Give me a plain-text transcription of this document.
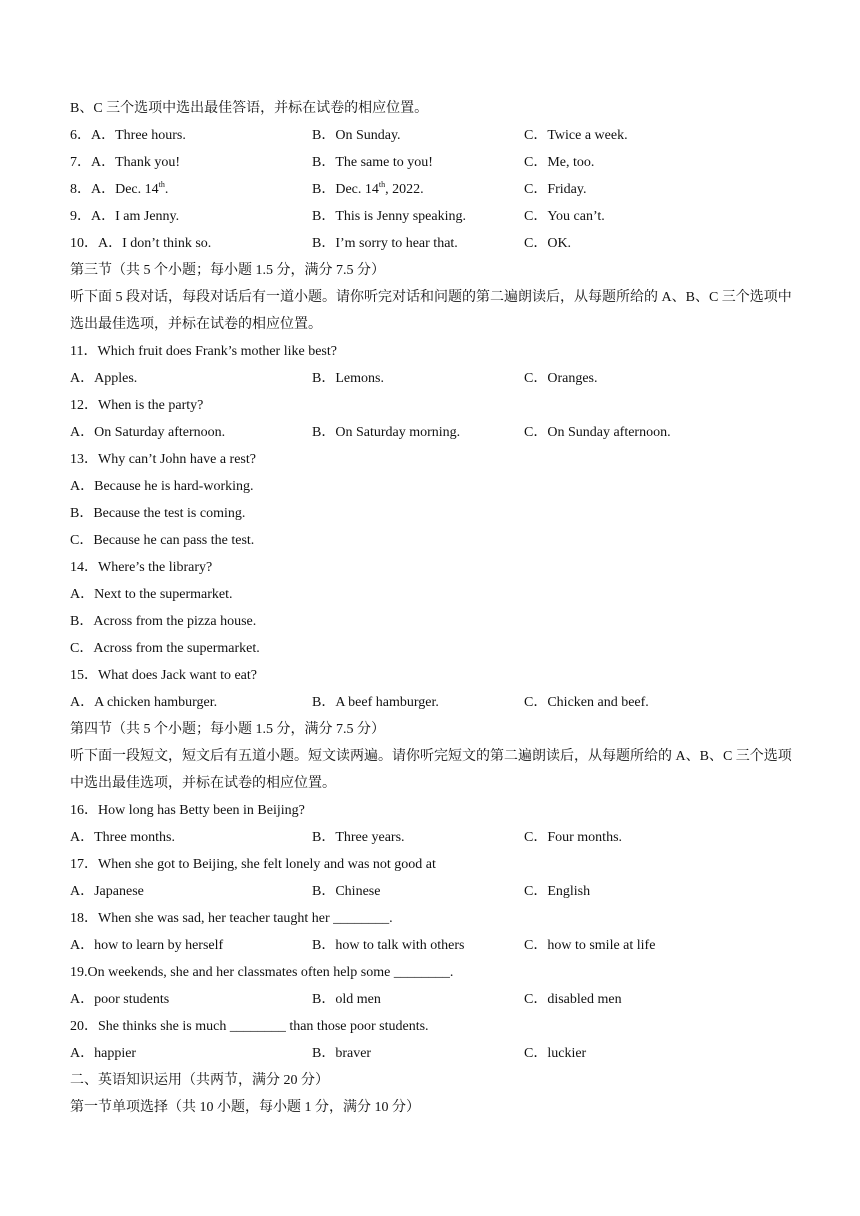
B、C 三个选项中选出最佳答语，并标在试卷的相应位置。
6．A．Three hours.	B．On Sunday.	C．Twice a week.
7．A．Thank you!	B．The same to you!	C．Me, too.
8．A．Dec. 14th.	B．Dec. 14th, 2022.	C．Friday.
9．A．I am Jenny.	B．This is Jenny speaking.	C．You can’t.
10．A．I don’t think so.	B．I’m sorry to hear that.	C．OK.
第三节（共 5 个小题；每小题 1.5 分，满分 7.5 分）
听下面 5 段对话，每段对话后有一道小题。请你听完对话和问题的第二遍朗读后，从每题所给的 A、B、C 三个选项中选出最佳选项，并标在试卷的相应位置。
11．Which fruit does Frank’s mother like best?
A．Apples.	B．Lemons.	C．Oranges.
12．When is the party?
A．On Saturday afternoon.	B．On Saturday morning.	C．On Sunday afternoon.
13．Why can’t John have a rest?
A．Because he is hard-working.
B．Because the test is coming.
C．Because he can pass the test.
14．Where’s the library?
A．Next to the supermarket.
B．Across from the pizza house.
C．Across from the supermarket.
15．What does Jack want to eat?
A．A chicken hamburger.	B．A beef hamburger.	C．Chicken and beef.
第四节（共 5 个小题；每小题 1.5 分，满分 7.5 分）
听下面一段短文，短文后有五道小题。短文读两遍。请你听完短文的第二遍朗读后，从每题所给的 A、B、C 三个选项中选出最佳选项，并标在试卷的相应位置。
16．How long has Betty been in Beijing?
A．Three months.	B．Three years.	C．Four months.
17．When she got to Beijing, she felt lonely and was not good at
A．Japanese	B．Chinese	C．English
18．When she was sad, her teacher taught her ________.
A．how to learn by herself	B．how to talk with others	C．how to smile at life
19.On weekends, she and her classmates often help some ________.
A．poor students	B．old men	C．disabled men
20．She thinks she is much ________ than those poor students.
A．happier	B．braver	C．luckier
二、英语知识运用（共两节，满分 20 分）
第一节单项选择（共 10 小题，每小题 1 分，满分 10 分）
